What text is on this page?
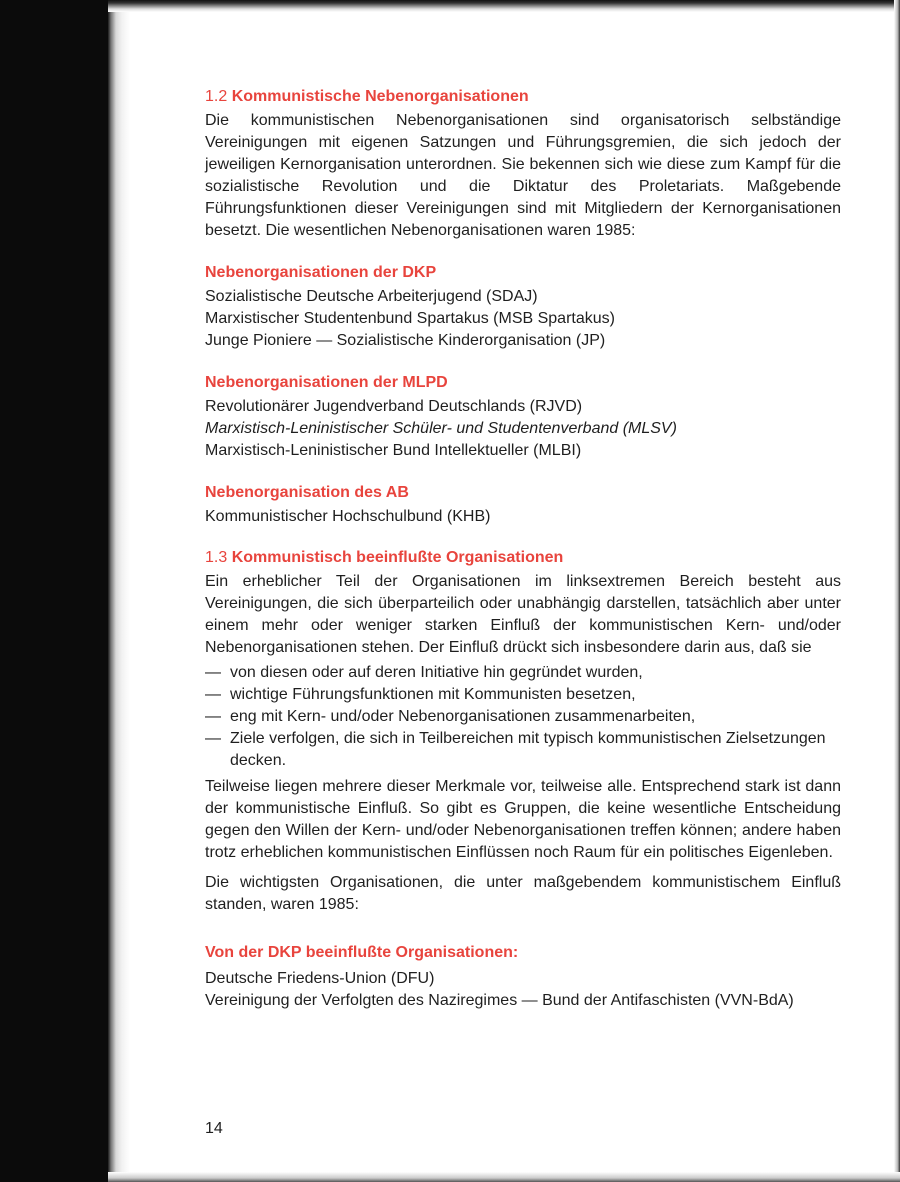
1.2 Kommunistische Nebenorganisationen

Die kommunistischen Nebenorganisationen sind organisatorisch selbständige Vereinigungen mit eigenen Satzungen und Führungsgremien, die sich jedoch der jeweiligen Kernorganisation unterordnen. Sie bekennen sich wie diese zum Kampf für die sozialistische Revolution und die Diktatur des Proletariats. Maßgebende Führungsfunktionen dieser Vereinigungen sind mit Mitgliedern der Kernorganisationen besetzt. Die wesentlichen Nebenorganisationen waren 1985:

Nebenorganisationen der DKP
Sozialistische Deutsche Arbeiterjugend (SDAJ)
Marxistischer Studentenbund Spartakus (MSB Spartakus)
Junge Pioniere — Sozialistische Kinderorganisation (JP)
Nebenorganisationen der MLPD
Revolutionärer Jugendverband Deutschlands (RJVD)
Marxistisch-Leninistischer Schüler- und Studentenverband (MLSV)
Marxistisch-Leninistischer Bund Intellektueller (MLBI)
Nebenorganisation des AB
Kommunistischer Hochschulbund (KHB)
1.3 Kommunistisch beeinflußte Organisationen

Ein erheblicher Teil der Organisationen im linksextremen Bereich besteht aus Vereinigungen, die sich überparteilich oder unabhängig darstellen, tatsächlich aber unter einem mehr oder weniger starken Einfluß der kommunistischen Kern- und/oder Nebenorganisationen stehen. Der Einfluß drückt sich insbesondere darin aus, daß sie

— von diesen oder auf deren Initiative hin gegründet wurden,
— wichtige Führungsfunktionen mit Kommunisten besetzen,
— eng mit Kern- und/oder Nebenorganisationen zusammenarbeiten,
— Ziele verfolgen, die sich in Teilbereichen mit typisch kommunistischen Zielsetzungen decken.

Teilweise liegen mehrere dieser Merkmale vor, teilweise alle. Entsprechend stark ist dann der kommunistische Einfluß. So gibt es Gruppen, die keine wesentliche Entscheidung gegen den Willen der Kern- und/oder Nebenorganisationen treffen können; andere haben trotz erheblichen kommunistischen Einflüssen noch Raum für ein politisches Eigenleben.

Die wichtigsten Organisationen, die unter maßgebendem kommunistischem Einfluß standen, waren 1985:

Von der DKP beeinflußte Organisationen:
Deutsche Friedens-Union (DFU)
Vereinigung der Verfolgten des Naziregimes — Bund der Antifaschisten (VVN-BdA)
14
